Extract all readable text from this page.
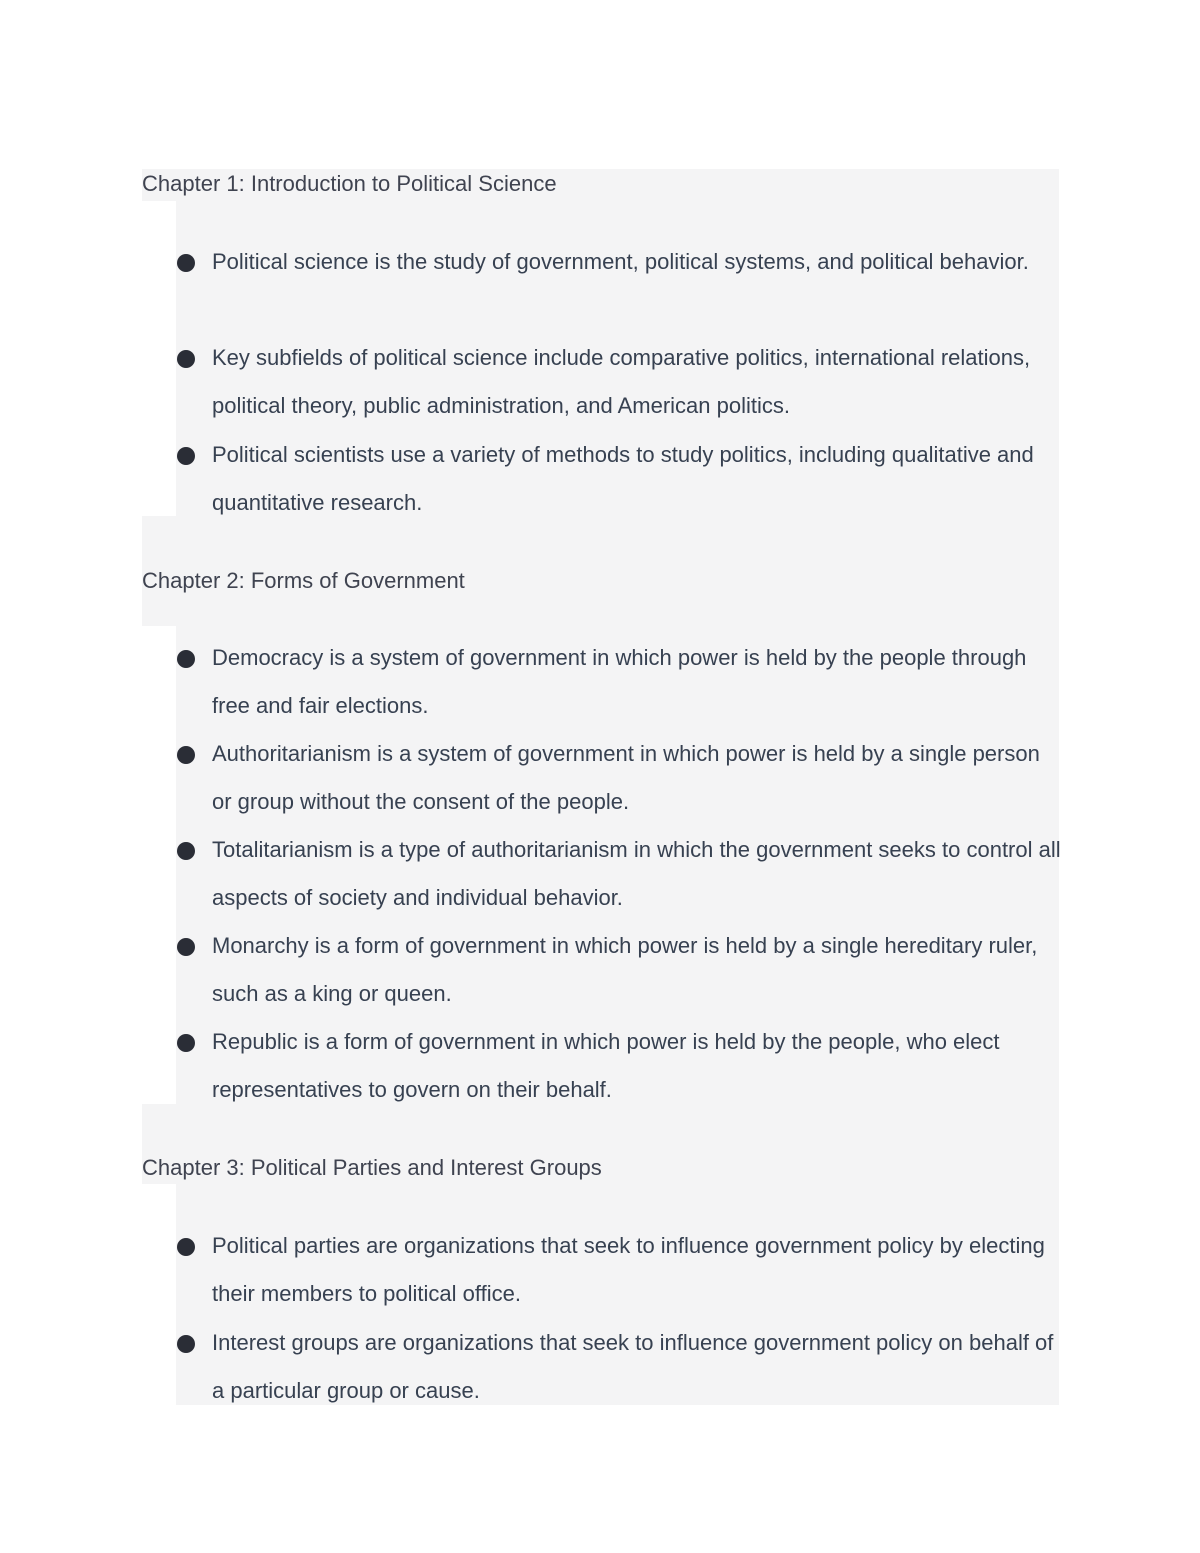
Chapter 1: Introduction to Political Science
Political science is the study of government, political systems, and political behavior.
Key subfields of political science include comparative politics, international relations, political theory, public administration, and American politics.
Political scientists use a variety of methods to study politics, including qualitative and quantitative research.
Chapter 2: Forms of Government
Democracy is a system of government in which power is held by the people through free and fair elections.
Authoritarianism is a system of government in which power is held by a single person or group without the consent of the people.
Totalitarianism is a type of authoritarianism in which the government seeks to control all aspects of society and individual behavior.
Monarchy is a form of government in which power is held by a single hereditary ruler, such as a king or queen.
Republic is a form of government in which power is held by the people, who elect representatives to govern on their behalf.
Chapter 3: Political Parties and Interest Groups
Political parties are organizations that seek to influence government policy by electing their members to political office.
Interest groups are organizations that seek to influence government policy on behalf of a particular group or cause.
